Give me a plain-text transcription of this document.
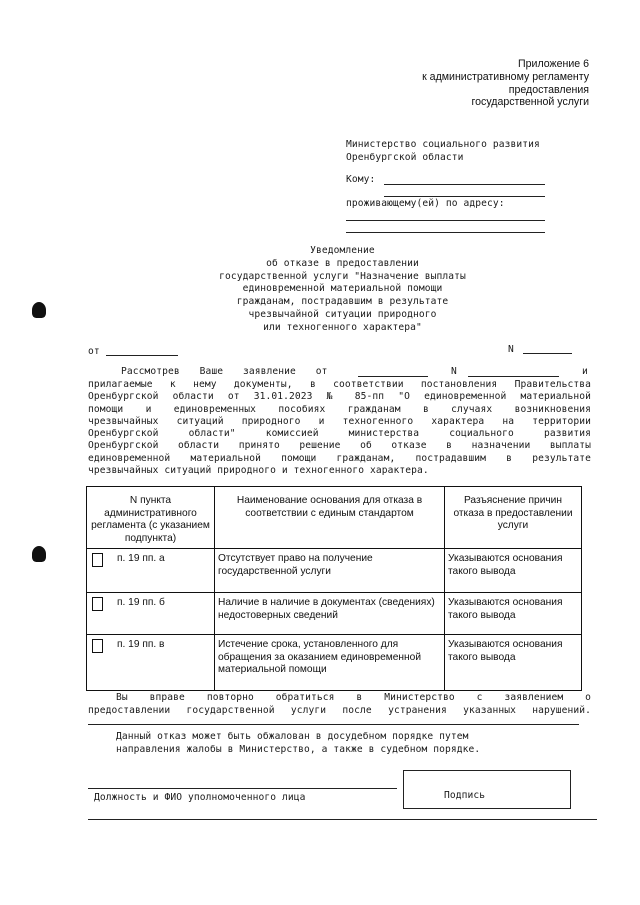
Приложение 6
к административному регламенту
предоставления
государственной услуги
Министерство социального развития
Оренбургской области
Кому:
проживающему(ей) по адресу:
Уведомление
об отказе в предоставлении
государственной услуги "Назначение выплаты
единовременной материальной помощи
гражданам, пострадавшим в результате
чрезвычайной ситуации природного
или техногенного характера"
от	N
Рассмотрев Ваше заявление от	N	и
прилагаемые к нему документы, в соответствии постановления Правительства
Оренбургской области от 31.01.2023 № 85-пп "О единовременной материальной
помощи и единовременных пособиях гражданам в случаях возникновения
чрезвычайных ситуаций природного и техногенного характера на территории
Оренбургской области" комиссией министерства социального развития
Оренбургской области принято решение об отказе в назначении выплаты
единовременной материальной помощи гражданам, пострадавшим в результате
чрезвычайных ситуаций природного и техногенного характера.
N пункта административного регламента (с указанием подпункта)	Наименование основания для отказа в соответствии с единым стандартом	Разъяснение причин отказа в предоставлении услуги
п. 19 пп. а	Отсутствует право на получение государственной услуги	Указываются основания такого вывода
п. 19 пп. б	Наличие в наличие в документах (сведениях) недостоверных сведений	Указываются основания такого вывода
п. 19 пп. в	Истечение срока, установленного для обращения за оказанием единовременной материальной помощи	Указываются основания такого вывода
Вы вправе повторно обратиться в Министерство с заявлением о
предоставлении государственной услуги после устранения указанных нарушений.
Данный отказ может быть обжалован в досудебном порядке путем
направления жалобы в Министерство, а также в судебном порядке.
Должность и ФИО уполномоченного лица	Подпись
